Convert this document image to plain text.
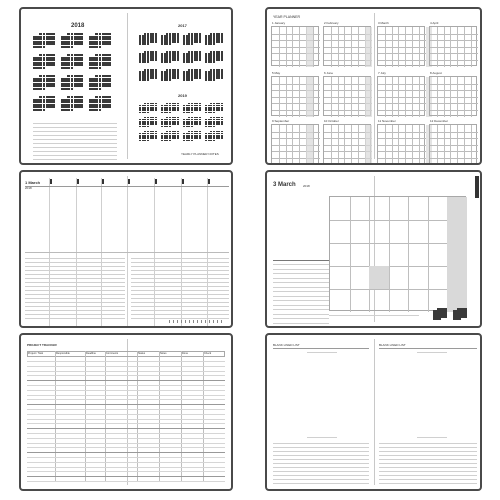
2018	2017
2019
YEARLY PLANNER NOTES
YEAR PLANNER
1 January	2 February	3 March	4 April
5 May	6 June	7 July	8 August
9 September	10 October	11 November	12 December
1 March
2018	3 March 2018
PROJECT TRACKER
Project / Task	Responsible	Deadline	Comments	Status	Notes	Done	Check
BLANK LINED LIST	BLANK LINED LIST
